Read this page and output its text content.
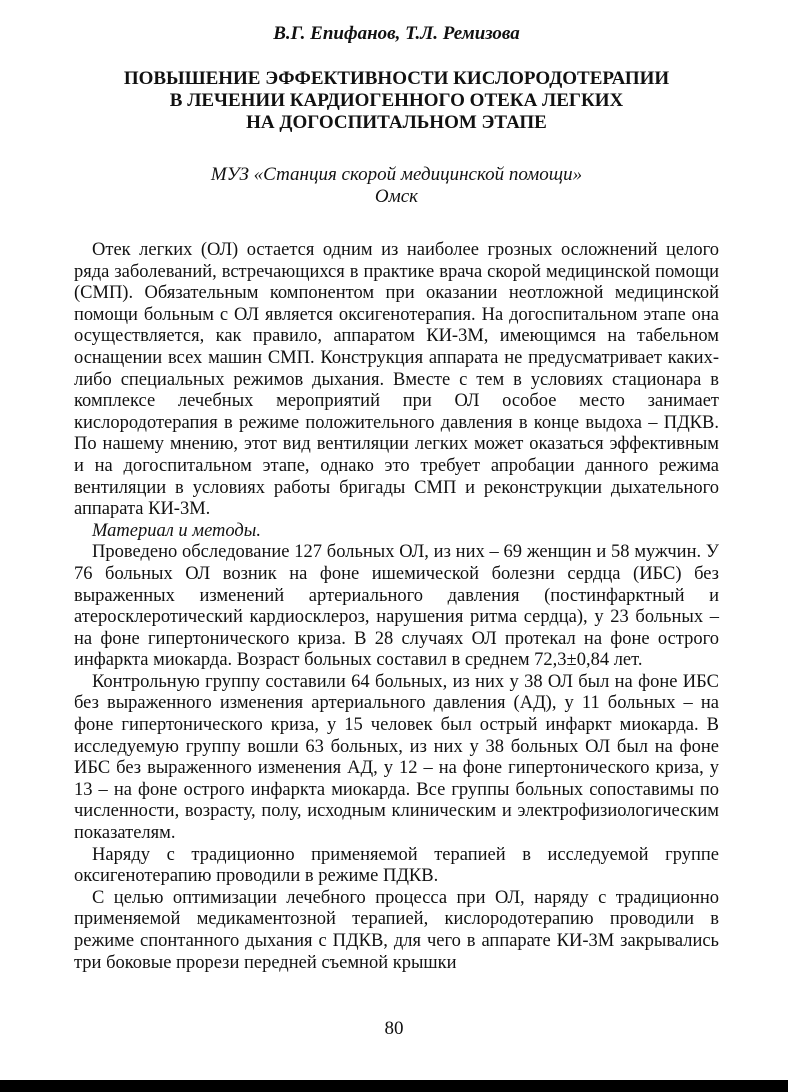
В.Г. Епифанов, Т.Л. Ремизова
ПОВЫШЕНИЕ ЭФФЕКТИВНОСТИ КИСЛОРОДОТЕРАПИИ
В ЛЕЧЕНИИ КАРДИОГЕННОГО ОТЕКА ЛЕГКИХ
НА ДОГОСПИТАЛЬНОМ ЭТАПЕ
МУЗ «Станция скорой медицинской помощи»
Омск

Отек легких (ОЛ) остается одним из наиболее грозных осложнений целого ряда заболеваний, встречающихся в практике врача скорой медицинской помощи (СМП). Обязательным компонентом при оказании неотложной медицинской помощи больным с ОЛ является оксигенотерапия. На догоспитальном этапе она осуществляется, как правило, аппаратом КИ-3М, имеющимся на табельном оснащении всех машин СМП. Конструкция аппарата не предусматривает каких-либо специальных режимов дыхания. Вместе с тем в условиях стационара в комплексе лечебных мероприятий при ОЛ особое место занимает кислородотерапия в режиме положительного давления в конце выдоха – ПДКВ. По нашему мнению, этот вид вентиляции легких может оказаться эффективным и на догоспитальном этапе, однако это требует апробации данного режима вентиляции в условиях работы бригады СМП и реконструкции дыхательного аппарата КИ-3М.

Материал и методы.

Проведено обследование 127 больных ОЛ, из них – 69 женщин и 58 мужчин. У 76 больных ОЛ возник на фоне ишемической болезни сердца (ИБС) без выраженных изменений артериального давления (постинфарктный и атеросклеротический кардиосклероз, нарушения ритма сердца), у 23 больных – на фоне гипертонического криза. В 28 случаях ОЛ протекал на фоне острого инфаркта миокарда. Возраст больных составил в среднем 72,3±0,84 лет.

Контрольную группу составили 64 больных, из них у 38 ОЛ был на фоне ИБС без выраженного изменения артериального давления (АД), у 11 больных – на фоне гипертонического криза, у 15 человек был острый инфаркт миокарда. В исследуемую группу вошли 63 больных, из них у 38 больных ОЛ был на фоне ИБС без выраженного изменения АД, у 12 – на фоне гипертонического криза, у 13 – на фоне острого инфаркта миокарда. Все группы больных сопоставимы по численности, возрасту, полу, исходным клиническим и электрофизиологическим показателям.

Наряду с традиционно применяемой терапией в исследуемой группе оксигенотерапию проводили в режиме ПДКВ.

С целью оптимизации лечебного процесса при ОЛ, наряду с традиционно применяемой медикаментозной терапией, кислородотерапию проводили в режиме спонтанного дыхания с ПДКВ, для чего в аппарате КИ-3М закрывались три боковые прорези передней съемной крышки

80
